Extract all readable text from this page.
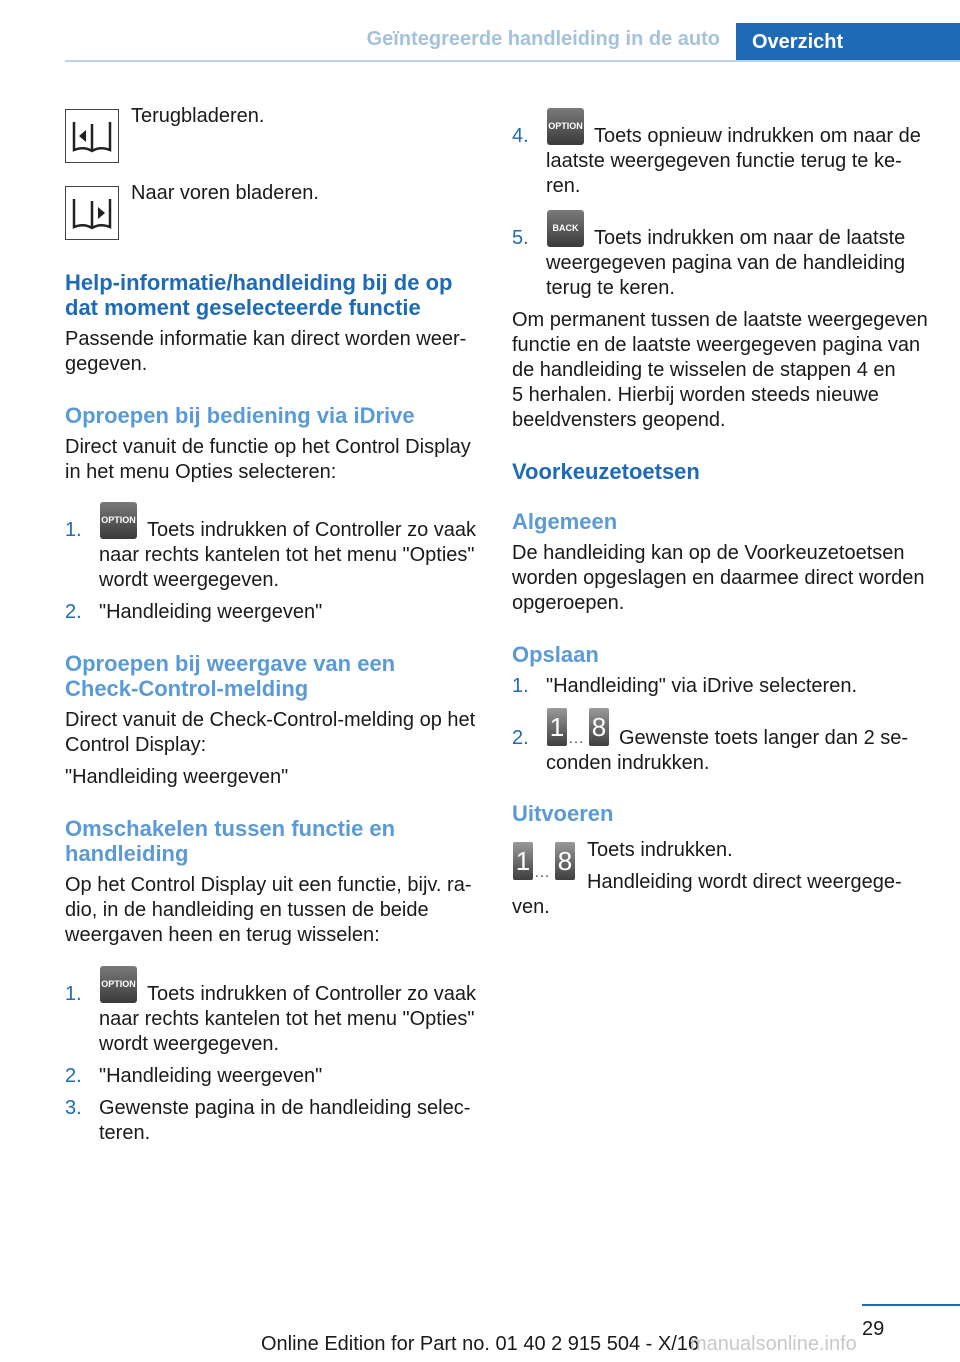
Geïntegreerde handleiding in de auto	Overzicht
Terugbladeren.
Naar voren bladeren.
Help-informatie/handleiding bij de op
dat moment geselecteerde functie
Passende informatie kan direct worden weer‐
gegeven.
Oproepen bij bediening via iDrive
Direct vanuit de functie op het Control Display
in het menu Opties selecteren:
1. OPTION Toets indrukken of Controller zo vaak
naar rechts kantelen tot het menu "Opties"
wordt weergegeven.
2. "Handleiding weergeven"
Oproepen bij weergave van een
Check-Control-melding
Direct vanuit de Check-Control-melding op het
Control Display:
"Handleiding weergeven"
Omschakelen tussen functie en
handleiding
Op het Control Display uit een functie, bijv. ra‐
dio, in de handleiding en tussen de beide
weergaven heen en terug wisselen:
1. OPTION Toets indrukken of Controller zo vaak
naar rechts kantelen tot het menu "Opties"
wordt weergegeven.
2. "Handleiding weergeven"
3. Gewenste pagina in de handleiding selec‐
teren.
4. OPTION Toets opnieuw indrukken om naar de
laatste weergegeven functie terug te ke‐
ren.
5.	BACK Toets indrukken om naar de laatste
weergegeven pagina van de handleiding
terug te keren.
Om permanent tussen de laatste weergegeven
functie en de laatste weergegeven pagina van
de handleiding te wisselen de stappen 4 en
5 herhalen. Hierbij worden steeds nieuwe
beeldvensters geopend.
Voorkeuzetoetsen
Algemeen
De handleiding kan op de Voorkeuzetoetsen
worden opgeslagen en daarmee direct worden
opgeroepen.
Opslaan
1. "Handleiding" via iDrive selecteren.
2. 1 … 8 Gewenste toets langer dan 2 se‐
conden indrukken.
Uitvoeren
1 … 8 Toets indrukken.
Handleiding wordt direct weergege‐
ven.
29
Online Edition for Part no. 01 40 2 915 504 - X/16
manualsonline.info
